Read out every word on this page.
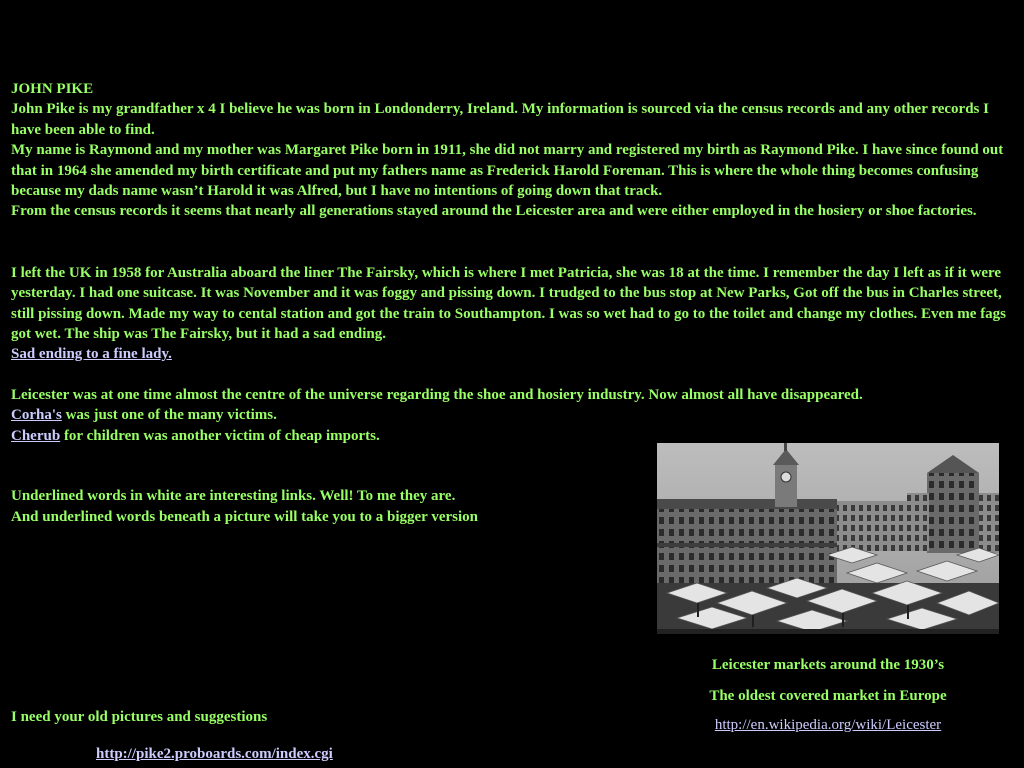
JOHN PIKE

John Pike is my grandfather x 4 I believe he was born in Londonderry, Ireland. My information is sourced via the census records and any other records I have been able to find.

My name is Raymond and my mother was Margaret Pike born in 1911, she did not marry and registered my birth as Raymond Pike. I have since found out that in 1964 she amended my birth certificate and put my fathers name as Frederick Harold Foreman. This is where the whole thing becomes confusing because my dads name wasn’t Harold it was Alfred, but I have no intentions of going down that track.

From the census records it seems that nearly all generations stayed around the Leicester area and were either employed in the hosiery or shoe factories.

I left the UK in 1958 for Australia aboard the liner The Fairsky, which is where I met Patricia, she was 18 at the time. I remember the day I left as if it were yesterday. I had one suitcase. It was November and it was foggy and pissing down. I trudged to the bus stop at New Parks, Got off the bus in Charles street, still pissing down. Made my way to cental station and got the train to Southampton. I was so wet had to go to the toilet and change my clothes. Even me fags got wet. The ship was The Fairsky, but it had a sad ending.

Sad ending to a fine lady.

Leicester was at one time almost the centre of the universe regarding the shoe and hosiery industry. Now almost all have disappeared.

Corha's was just one of the many victims.

Cherub for children was another victim of cheap imports.

Underlined words in white are interesting links. Well! To me they are.

And underlined words beneath a picture will take you to a bigger version

Leicester markets around the 1930’s
The oldest covered market in Europe
http://en.wikipedia.org/wiki/Leicester
I need your old pictures and suggestions
http://pike2.proboards.com/index.cgi
